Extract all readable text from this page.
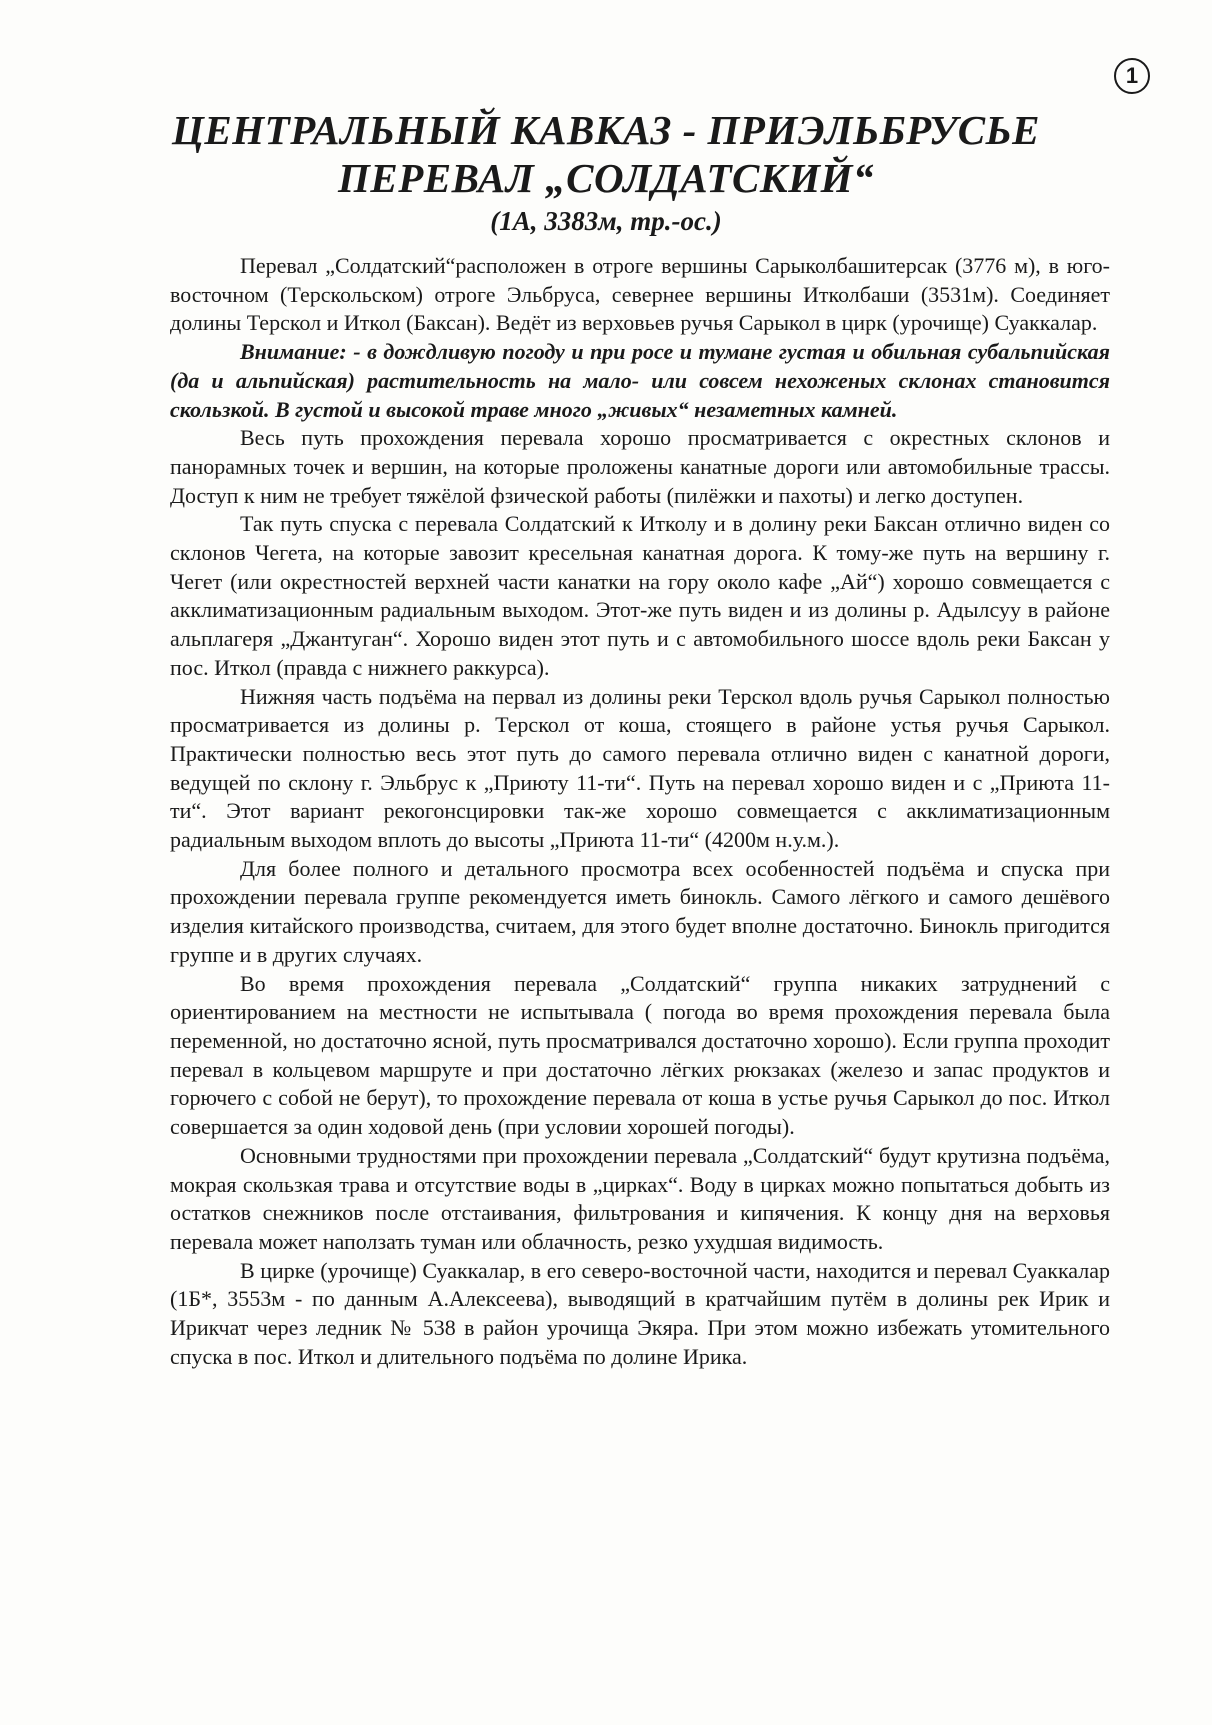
1
ЦЕНТРАЛЬНЫЙ КАВКАЗ - ПРИЭЛЬБРУСЬЕ
ПЕРЕВАЛ „СОЛДАТСКИЙ“
(1А, 3383м, тр.-ос.)

Перевал „Солдатский“расположен в отроге вершины Сарыколбашитерсак (3776 м), в юго-восточном (Терскольском) отроге Эльбруса, севернее вершины Итколбаши (3531м). Соединяет долины Терскол и Иткол (Баксан). Ведёт из верховьев ручья Сарыкол в цирк (урочище) Суаккалар.

Внимание: - в дождливую погоду и при росе и тумане густая и обильная субальпийская (да и альпийская) растительность на мало- или совсем нехоженых склонах становится скользкой. В густой и высокой траве много „живых“ незаметных камней.

Весь путь прохождения перевала хорошо просматривается с окрестных склонов и панорамных точек и вершин, на которые проложены канатные дороги или автомобильные трассы. Доступ к ним не требует тяжёлой фзической работы (пилёжки и пахоты) и легко доступен.

Так путь спуска с перевала Солдатский к Итколу и в долину реки Баксан отлично виден со склонов Чегета, на которые завозит кресельная канатная дорога. К тому-же путь на вершину г. Чегет (или окрестностей верхней части канатки на гору около кафе „Ай“) хорошо совмещается с акклиматизационным радиальным выходом. Этот-же путь виден и из долины р. Адылсуу в районе альплагеря „Джантуган“. Хорошо виден этот путь и с автомобильного шоссе вдоль реки Баксан у пос. Иткол (правда с нижнего раккурса).

Нижняя часть подъёма на первал из долины реки Терскол вдоль ручья Сарыкол полностью просматривается из долины р. Терскол от коша, стоящего в районе устья ручья Сарыкол. Практически полностью весь этот путь до самого перевала отлично виден с канатной дороги, ведущей по склону г. Эльбрус к „Приюту 11-ти“. Путь на перевал хорошо виден и с „Приюта 11-ти“. Этот вариант рекогонсцировки так-же хорошо совмещается с акклиматизационным радиальным выходом вплоть до высоты „Приюта 11-ти“ (4200м н.у.м.).

Для более полного и детального просмотра всех особенностей подъёма и спуска при прохождении перевала группе рекомендуется иметь бинокль. Самого лёгкого и самого дешёвого изделия китайского производства, считаем, для этого будет вполне достаточно. Бинокль пригодится группе и в других случаях.

Во время прохождения перевала „Солдатский“ группа никаких затруднений с ориентированием на местности не испытывала ( погода во время прохождения перевала была переменной, но достаточно ясной, путь просматривался достаточно хорошо). Если группа проходит перевал в кольцевом маршруте и при достаточно лёгких рюкзаках (железо и запас продуктов и горючего с собой не берут), то прохождение перевала от коша в устье ручья Сарыкол до пос. Иткол совершается за один ходовой день (при условии хорошей погоды).

Основными трудностями при прохождении перевала „Солдатский“ будут крутизна подъёма, мокрая скользкая трава и отсутствие воды в „цирках“. Воду в цирках можно попытаться добыть из остатков снежников после отстаивания, фильтрования и кипячения. К концу дня на верховья перевала может наползать туман или облачность, резко ухудшая видимость.

В цирке (урочище) Суаккалар, в его северо-восточной части, находится и перевал Суаккалар (1Б*, 3553м - по данным А.Алексеева), выводящий в кратчайшим путём в долины рек Ирик и Ирикчат через ледник № 538 в район урочища Экяра. При этом можно избежать утомительного спуска в пос. Иткол и длительного подъёма по долине Ирика.
